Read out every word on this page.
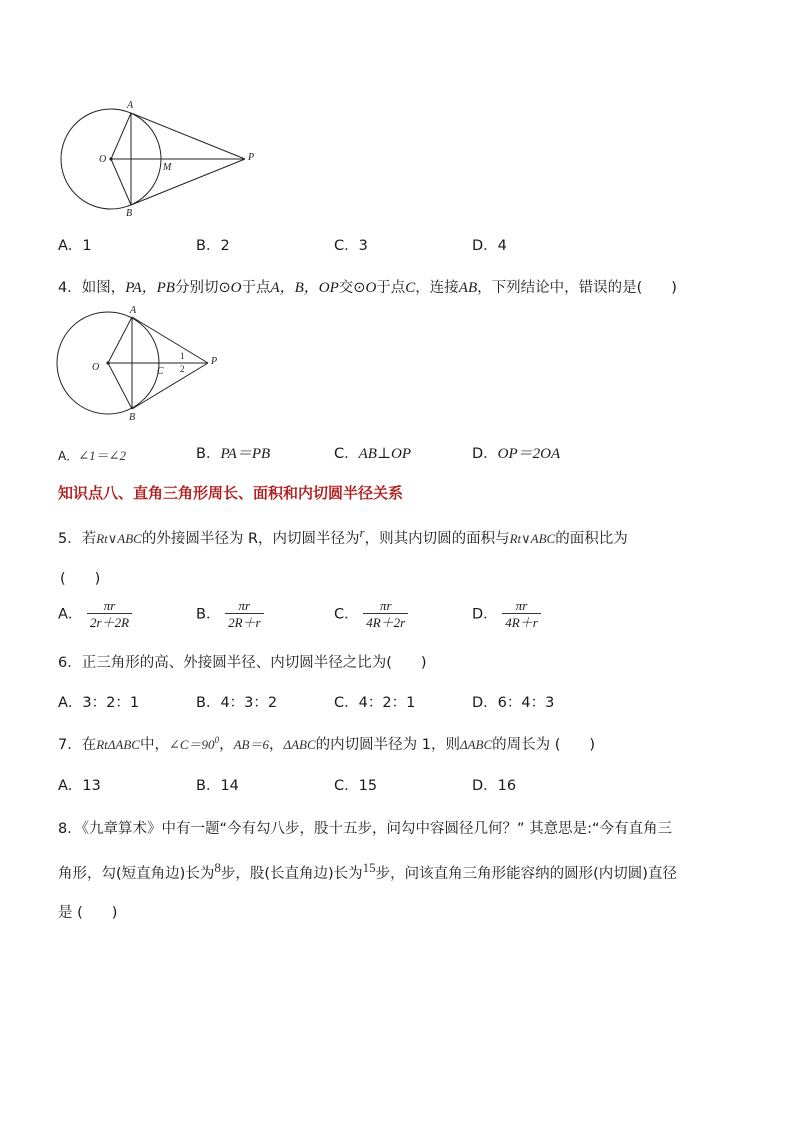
A
B
O
M
P
A．1	B．2	C．3	D．4
4．如图，PA，PB分别切⊙O于点A，B，OP交⊙O于点C，连接AB，下列结论中，错误的是(　　)
A
B
O	C
P
1
2
A．∠1＝∠2	B．PA＝PB	C．AB⊥OP	D．OP＝2OA
知识点八、直角三角形周长、面积和内切圆半径关系
5．若Rt∨ABC的外接圆半径为 R，内切圆半径为$^r$，则其内切圆的面积与Rt∨ABC的面积比为
(　　)
A． $\frac{\pi r}{2r+2R}$	B． $\frac{\pi r}{2R+r}$	C． $\frac{\pi r}{4R+2r}$	D． $\frac{\pi r}{4R+r}$
6．正三角形的高、外接圆半径、内切圆半径之比为(　　)
A．3：2：1	B．4：3：2	C．4：2：1	D．6：4：3
7．在RtΔABC中，$\angle C=90^0$，AB＝6，ΔABC的内切圆半径为 1，则ΔABC的周长为 (　　)
A．13	B．14	C．15	D．16
8．《九章算术》中有一题“今有勾八步，股十五步，问勾中容圆径几何？” 其意思是:“今有直角三
角形，勾(短直角边)长为$^8$步，股(长直角边)长为$^{15}$步，问该直角三角形能容纳的圆形(内切圆)直径
是 (　　)
